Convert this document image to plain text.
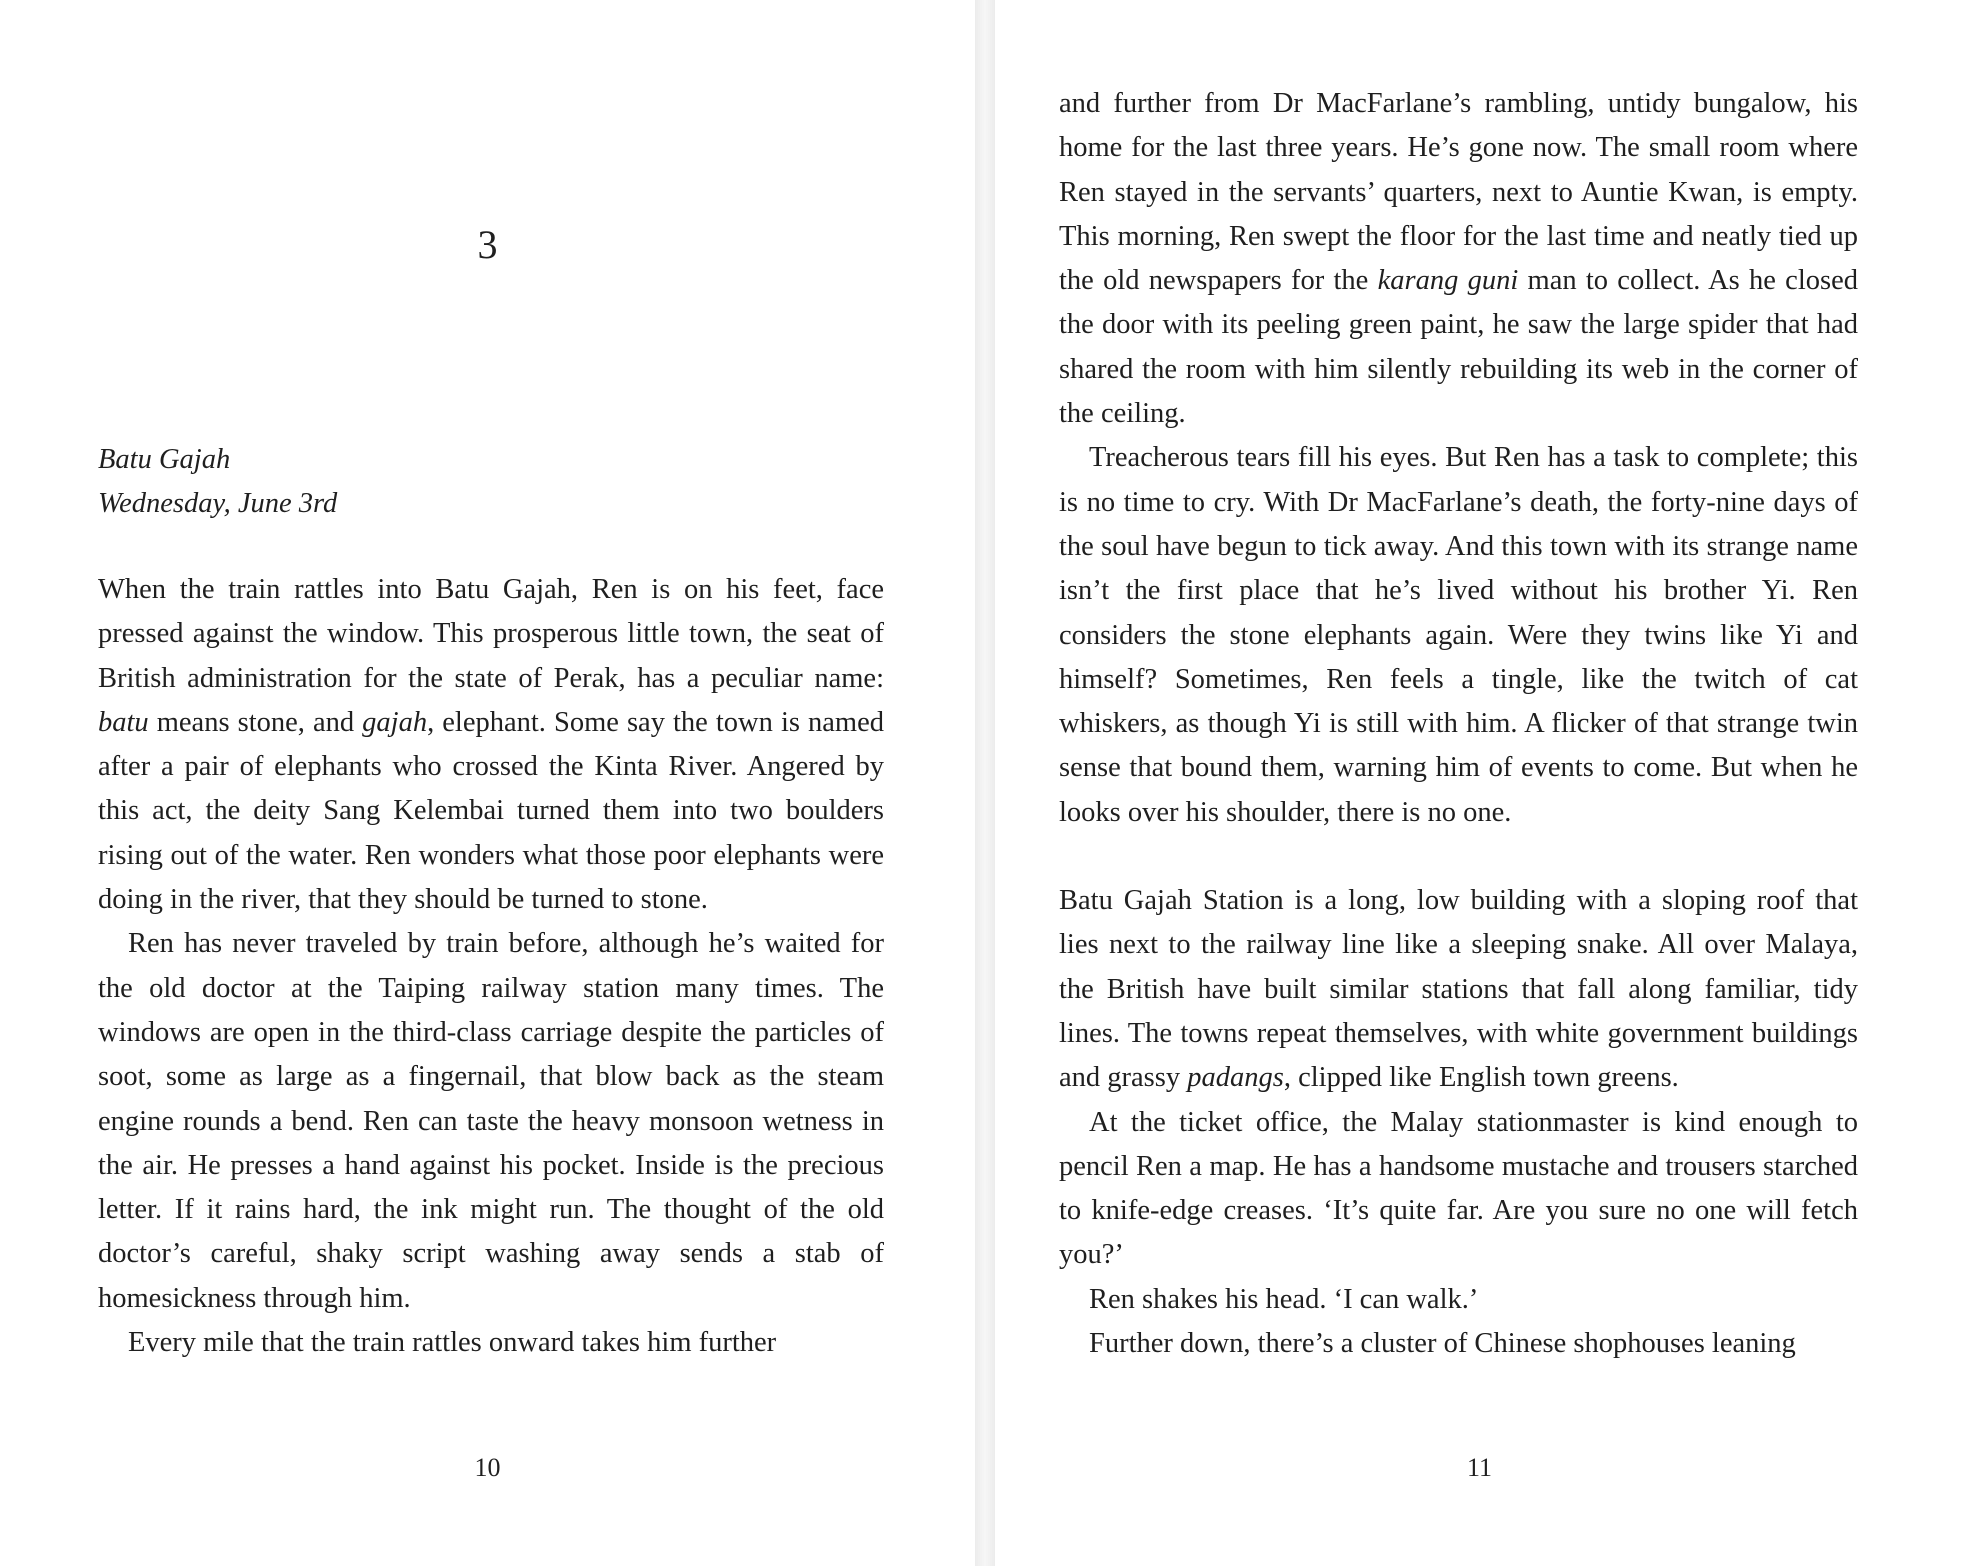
3
Batu Gajah
Wednesday, June 3rd

When the train rattles into Batu Gajah, Ren is on his feet, face pressed against the window. This prosperous little town, the seat of British administration for the state of Perak, has a peculiar name: batu means stone, and gajah, elephant. Some say the town is named after a pair of elephants who crossed the Kinta River. Angered by this act, the deity Sang Kelembai turned them into two boulders rising out of the water. Ren wonders what those poor elephants were doing in the river, that they should be turned to stone.

Ren has never traveled by train before, although he’s waited for the old doctor at the Taiping railway station many times. The windows are open in the third-class carriage despite the particles of soot, some as large as a fingernail, that blow back as the steam engine rounds a bend. Ren can taste the heavy monsoon wetness in the air. He presses a hand against his pocket. Inside is the precious letter. If it rains hard, the ink might run. The thought of the old doctor’s careful, shaky script washing away sends a stab of homesickness through him.

Every mile that the train rattles onward takes him further

10

and further from Dr MacFarlane’s rambling, untidy bungalow, his home for the last three years. He’s gone now. The small room where Ren stayed in the servants’ quarters, next to Auntie Kwan, is empty. This morning, Ren swept the floor for the last time and neatly tied up the old newspapers for the karang guni man to collect. As he closed the door with its peeling green paint, he saw the large spider that had shared the room with him silently rebuilding its web in the corner of the ceiling.

Treacherous tears fill his eyes. But Ren has a task to complete; this is no time to cry. With Dr MacFarlane’s death, the forty-nine days of the soul have begun to tick away. And this town with its strange name isn’t the first place that he’s lived without his brother Yi. Ren considers the stone elephants again. Were they twins like Yi and himself? Sometimes, Ren feels a tingle, like the twitch of cat whiskers, as though Yi is still with him. A flicker of that strange twin sense that bound them, warning him of events to come. But when he looks over his shoulder, there is no one.

Batu Gajah Station is a long, low building with a sloping roof that lies next to the railway line like a sleeping snake. All over Malaya, the British have built similar stations that fall along familiar, tidy lines. The towns repeat themselves, with white government buildings and grassy padangs, clipped like English town greens.

At the ticket office, the Malay stationmaster is kind enough to pencil Ren a map. He has a handsome mustache and trousers starched to knife-edge creases. ‘It’s quite far. Are you sure no one will fetch you?’

Ren shakes his head. ‘I can walk.’

Further down, there’s a cluster of Chinese shophouses leaning

11
